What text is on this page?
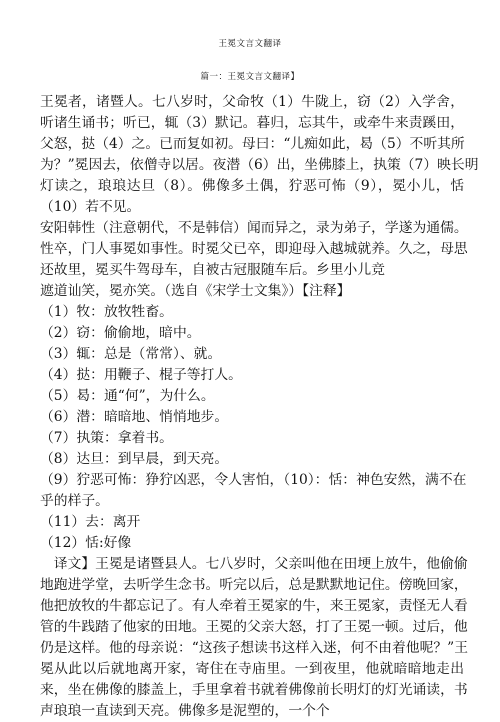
王冕文言文翻译
篇一：王冕文言文翻译】
王冕者，诸暨人。七八岁时，父命牧（1）牛陇上，窃（2）入学舍，
听诸生诵书；听已，辄（3）默记。暮归，忘其牛，或牵牛来责蹊田，
父怒，挞（4）之。已而复如初。母曰：“儿痴如此，曷（5）不听其所
为？”冕因去，依僧寺以居。夜潜（6）出，坐佛膝上，执策（7）映长明
灯读之，琅琅达旦（8）。佛像多土偶，狞恶可怖（9），冕小儿，恬
（10）若不见。
安阳韩性（注意朝代，不是韩信）闻而异之，录为弟子，学遂为通儒。
性卒，门人事冕如事性。时冕父已卒，即迎母入越城就养。久之，母思
还故里，冕买牛驾母车，自被古冠服随车后。乡里小儿竞
遮道讪笑，冕亦笑。（选自《宋学士文集》）【注释】
（1）牧：放牧牲畜。
（2）窃：偷偷地，暗中。
（3）辄：总是（常常）、就。
（4）挞：用鞭子、棍子等打人。
（5）曷：通“何”，为什么。
（6）潜：暗暗地、悄悄地步。
（7）执策：拿着书。
（8）达旦：到早晨，到天亮。
（9）狞恶可怖：狰狞凶恶，令人害怕，（10）：恬：神色安然，满不在
乎的样子。
（11）去：离开
（12）恬:好像
　译文】王冕是诸暨县人。七八岁时，父亲叫他在田埂上放牛，他偷偷
地跑进学堂，去听学生念书。听完以后，总是默默地记住。傍晚回家，
他把放牧的牛都忘记了。有人牵着王冕家的牛，来王冕家，责怪无人看
管的牛践踏了他家的田地。王冕的父亲大怒，打了王冕一顿。过后，他
仍是这样。他的母亲说：“这孩子想读书这样入迷，何不由着他呢？”王
冕从此以后就地离开家，寄住在寺庙里。一到夜里，他就暗暗地走出
来，坐在佛像的膝盖上，手里拿着书就着佛像前长明灯的灯光诵读，书
声琅琅一直读到天亮。佛像多是泥塑的，一个个
